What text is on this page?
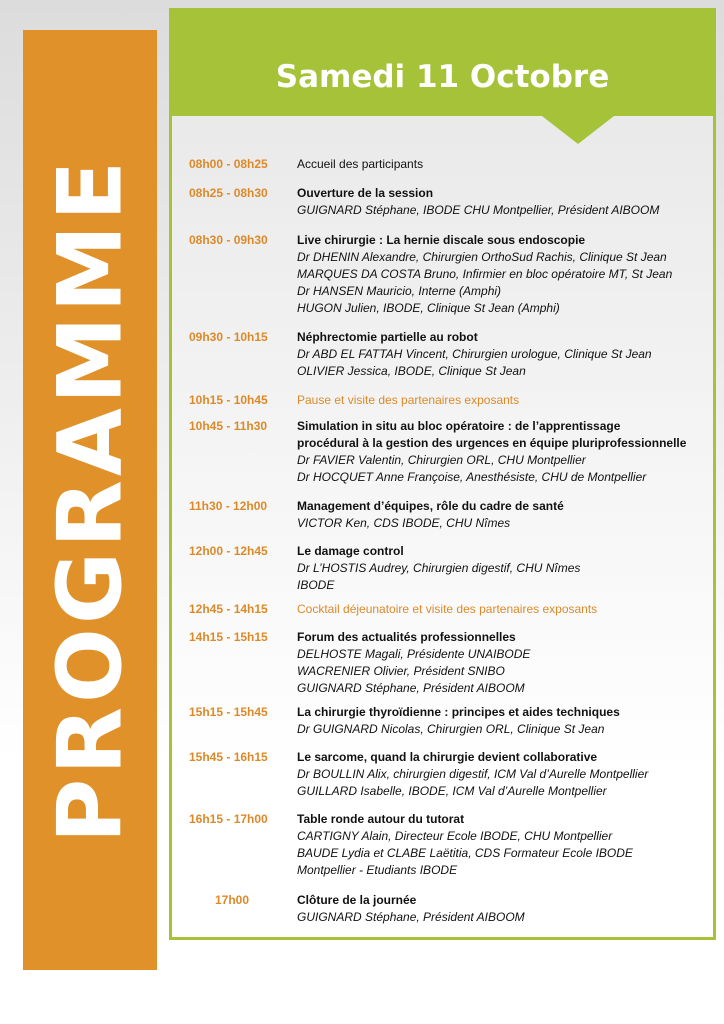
PROGRAMME
Samedi 11 Octobre
08h00 - 08h25	Accueil des participants
08h25 - 08h30	Ouverture de la session
GUIGNARD Stéphane, IBODE CHU Montpellier, Président AIBOOM
08h30 - 09h30	Live chirurgie : La hernie discale sous endoscopie
Dr DHENIN Alexandre, Chirurgien OrthoSud Rachis, Clinique St Jean
MARQUES DA COSTA Bruno, Infirmier en bloc opératoire MT, St Jean
Dr HANSEN Mauricio, Interne (Amphi)
HUGON Julien, IBODE, Clinique St Jean (Amphi)
09h30 - 10h15	Néphrectomie partielle au robot
Dr ABD EL FATTAH Vincent, Chirurgien urologue, Clinique St Jean
OLIVIER Jessica, IBODE, Clinique St Jean
10h15 - 10h45	Pause et visite des partenaires exposants
10h45 - 11h30	Simulation in situ au bloc opératoire : de l’apprentissage
procédural à la gestion des urgences en équipe pluriprofessionnelle
Dr FAVIER Valentin, Chirurgien ORL, CHU Montpellier
Dr HOCQUET Anne Françoise, Anesthésiste, CHU de Montpellier
11h30 - 12h00	Management d’équipes, rôle du cadre de santé
VICTOR Ken, CDS IBODE, CHU Nîmes
12h00 - 12h45	Le damage control
Dr L’HOSTIS Audrey, Chirurgien digestif, CHU Nîmes
IBODE
12h45 - 14h15	Cocktail déjeunatoire et visite des partenaires exposants
14h15 - 15h15	Forum des actualités professionnelles
DELHOSTE Magali, Présidente UNAIBODE
WACRENIER Olivier, Président SNIBO
GUIGNARD Stéphane, Président AIBOOM
15h15 - 15h45	La chirurgie thyroïdienne : principes et aides techniques
Dr GUIGNARD Nicolas, Chirurgien ORL, Clinique St Jean
15h45 - 16h15	Le sarcome, quand la chirurgie devient collaborative
Dr BOULLIN Alix, chirurgien digestif, ICM Val d’Aurelle Montpellier
GUILLARD Isabelle, IBODE, ICM Val d’Aurelle Montpellier
16h15 - 17h00	Table ronde autour du tutorat
CARTIGNY Alain, Directeur Ecole IBODE, CHU Montpellier
BAUDE Lydia et CLABE Laëtitia, CDS Formateur Ecole IBODE
Montpellier - Etudiants IBODE
17h00	Clôture de la journée
GUIGNARD Stéphane, Président AIBOOM
